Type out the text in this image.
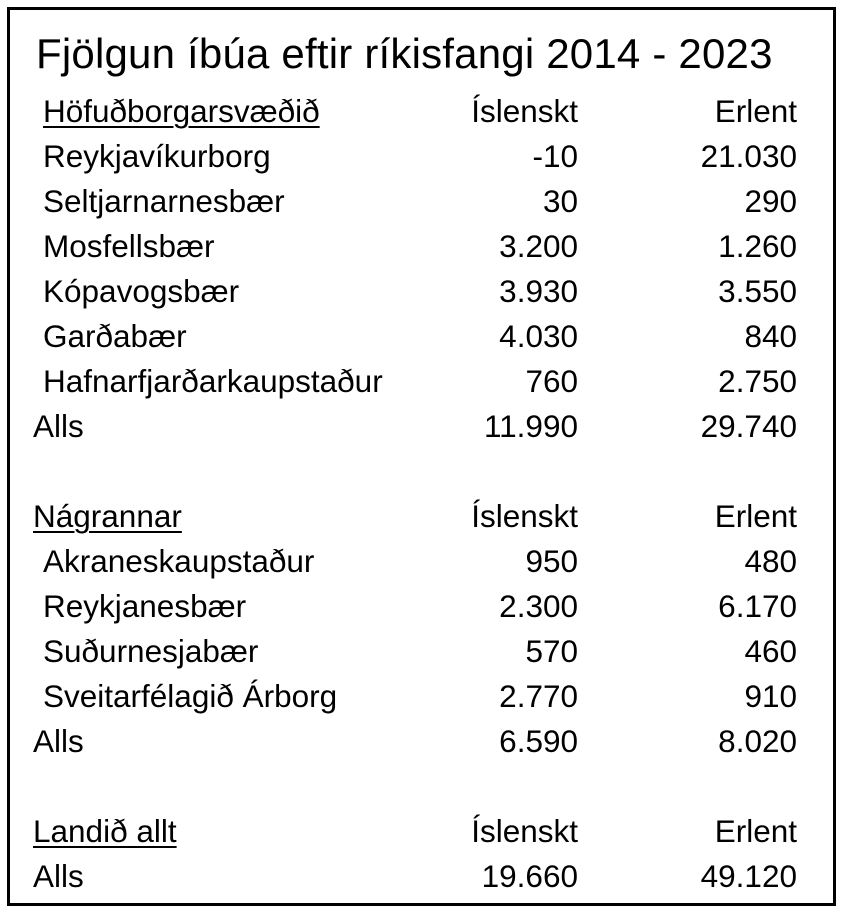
Fjölgun íbúa eftir ríkisfangi 2014 - 2023
Höfuðborgarsvæðið	Íslenskt	Erlent
Reykjavíkurborg	-10	21.030
Seltjarnarnesbær	30	290
Mosfellsbær	3.200	1.260
Kópavogsbær	3.930	3.550
Garðabær	4.030	840
Hafnarfjarðarkaupstaður	760	2.750
Alls	11.990	29.740
Nágrannar	Íslenskt	Erlent
Akraneskaupstaður	950	480
Reykjanesbær	2.300	6.170
Suðurnesjabær	570	460
Sveitarfélagið Árborg	2.770	910
Alls	6.590	8.020
Landið allt	Íslenskt	Erlent
Alls	19.660	49.120
